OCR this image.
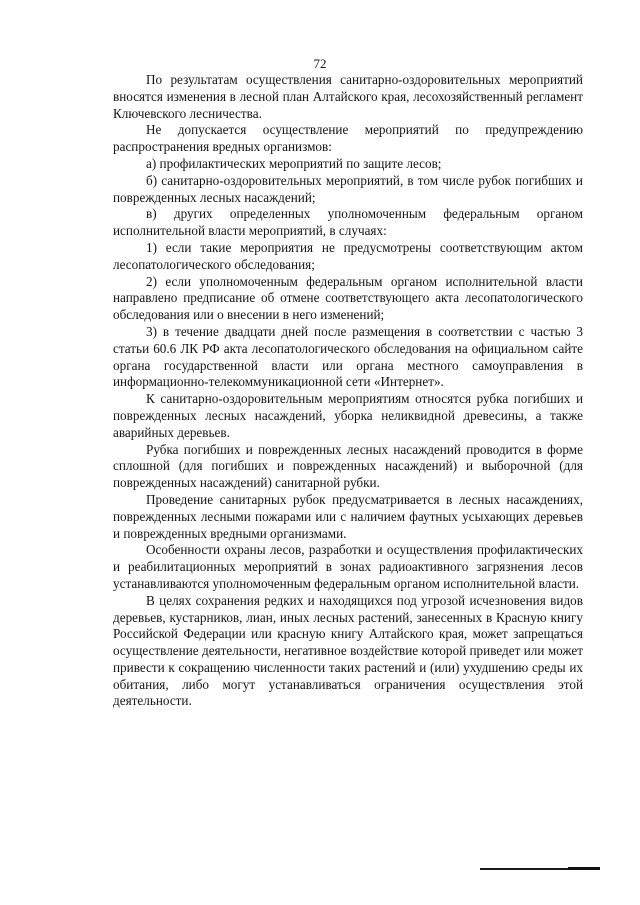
72

По результатам осуществления санитарно-оздоровительных мероприятий вносятся изменения в лесной план Алтайского края, лесохозяйственный регламент Ключевского лесничества.

Не допускается осуществление мероприятий по предупреждению распространения вредных организмов:

а) профилактических мероприятий по защите лесов;

б) санитарно-оздоровительных мероприятий, в том числе рубок погибших и поврежденных лесных насаждений;

в) других определенных уполномоченным федеральным органом исполнительной власти мероприятий, в случаях:

1) если такие мероприятия не предусмотрены соответствующим актом лесопатологического обследования;

2) если уполномоченным федеральным органом исполнительной власти направлено предписание об отмене соответствующего акта лесопатологического обследования или о внесении в него изменений;

3) в течение двадцати дней после размещения в соответствии с частью 3 статьи 60.6 ЛК РФ акта лесопатологического обследования на официальном сайте органа государственной власти или органа местного самоуправления в информационно-телекоммуникационной сети «Интернет».

К санитарно-оздоровительным мероприятиям относятся рубка погибших и поврежденных лесных насаждений, уборка неликвидной древесины, а также аварийных деревьев.

Рубка погибших и поврежденных лесных насаждений проводится в форме сплошной (для погибших и поврежденных насаждений) и выборочной (для поврежденных насаждений) санитарной рубки.

Проведение санитарных рубок предусматривается в лесных насаждениях, поврежденных лесными пожарами или с наличием фаутных усыхающих деревьев и поврежденных вредными организмами.

Особенности охраны лесов, разработки и осуществления профилактических и реабилитационных мероприятий в зонах радиоактивного загрязнения лесов устанавливаются уполномоченным федеральным органом исполнительной власти.

В целях сохранения редких и находящихся под угрозой исчезновения видов деревьев, кустарников, лиан, иных лесных растений, занесенных в Красную книгу Российской Федерации или красную книгу Алтайского края, может запрещаться осуществление деятельности, негативное воздействие которой приведет или может привести к сокращению численности таких растений и (или) ухудшению среды их обитания, либо могут устанавливаться ограничения осуществления этой деятельности.
